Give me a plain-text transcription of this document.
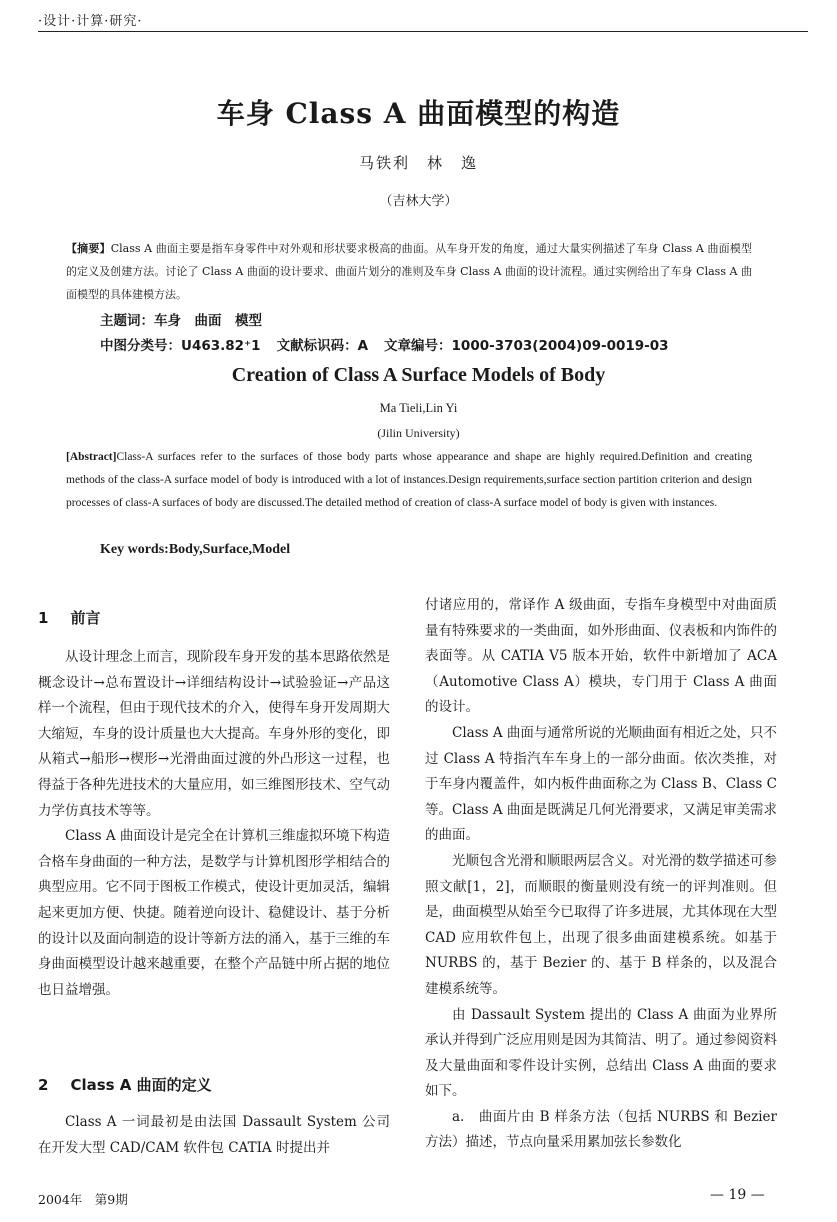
·设计·计算·研究·
车身 Class A 曲面模型的构造
马铁利　林　逸
（吉林大学）
【摘要】Class A 曲面主要是指车身零件中对外观和形状要求极高的曲面。从车身开发的角度，通过大量实例描述了车身 Class A 曲面模型的定义及创建方法。讨论了 Class A 曲面的设计要求、曲面片划分的准则及车身 Class A 曲面的设计流程。通过实例给出了车身 Class A 曲面模型的具体建模方法。
主题词：车身　曲面　模型
中图分类号：U463.82⁺1 文献标识码：A 文章编号：1000-3703(2004)09-0019-03
Creation of Class A Surface Models of Body
Ma Tieli,Lin Yi
(Jilin University)
[Abstract]Class-A surfaces refer to the surfaces of those body parts whose appearance and shape are highly required.Definition and creating methods of the class-A surface model of body is introduced with a lot of instances.Design requirements,surface section partition criterion and design processes of class-A surfaces of body are discussed.The detailed method of creation of class-A surface model of body is given with instances.
Key words:Body,Surface,Model
1 前言

从设计理念上而言，现阶段车身开发的基本思路依然是概念设计→总布置设计→详细结构设计→试验验证→产品这样一个流程，但由于现代技术的介入，使得车身开发周期大大缩短，车身的设计质量也大大提高。车身外形的变化，即从箱式→船形→楔形→光滑曲面过渡的外凸形这一过程，也得益于各种先进技术的大量应用，如三维图形技术、空气动力学仿真技术等等。

Class A 曲面设计是完全在计算机三维虚拟环境下构造合格车身曲面的一种方法，是数学与计算机图形学相结合的典型应用。它不同于图板工作模式，使设计更加灵活，编辑起来更加方便、快捷。随着逆向设计、稳健设计、基于分析的设计以及面向制造的设计等新方法的涌入，基于三维的车身曲面模型设计越来越重要，在整个产品链中所占据的地位也日益增强。

2 Class A 曲面的定义

Class A 一词最初是由法国 Dassault System 公司在开发大型 CAD/CAM 软件包 CATIA 时提出并

付诸应用的，常译作 A 级曲面，专指车身模型中对曲面质量有特殊要求的一类曲面，如外形曲面、仪表板和内饰件的表面等。从 CATIA V5 版本开始，软件中新增加了 ACA（Automotive Class A）模块，专门用于 Class A 曲面的设计。

Class A 曲面与通常所说的光顺曲面有相近之处，只不过 Class A 特指汽车车身上的一部分曲面。依次类推，对于车身内覆盖件，如内板件曲面称之为 Class B、Class C 等。Class A 曲面是既满足几何光滑要求，又满足审美需求的曲面。

光顺包含光滑和顺眼两层含义。对光滑的数学描述可参照文献[1，2]，而顺眼的衡量则没有统一的评判准则。但是，曲面模型从始至今已取得了许多进展，尤其体现在大型 CAD 应用软件包上，出现了很多曲面建模系统。如基于 NURBS 的，基于 Bezier 的、基于 B 样条的，以及混合建模系统等。

由 Dassault System 提出的 Class A 曲面为业界所承认并得到广泛应用则是因为其简洁、明了。通过参阅资料及大量曲面和零件设计实例，总结出 Class A 曲面的要求如下。

a.　曲面片由 B 样条方法（包括 NURBS 和 Bezier 方法）描述，节点向量采用累加弦长参数化

2004年　第9期	— 19 —
